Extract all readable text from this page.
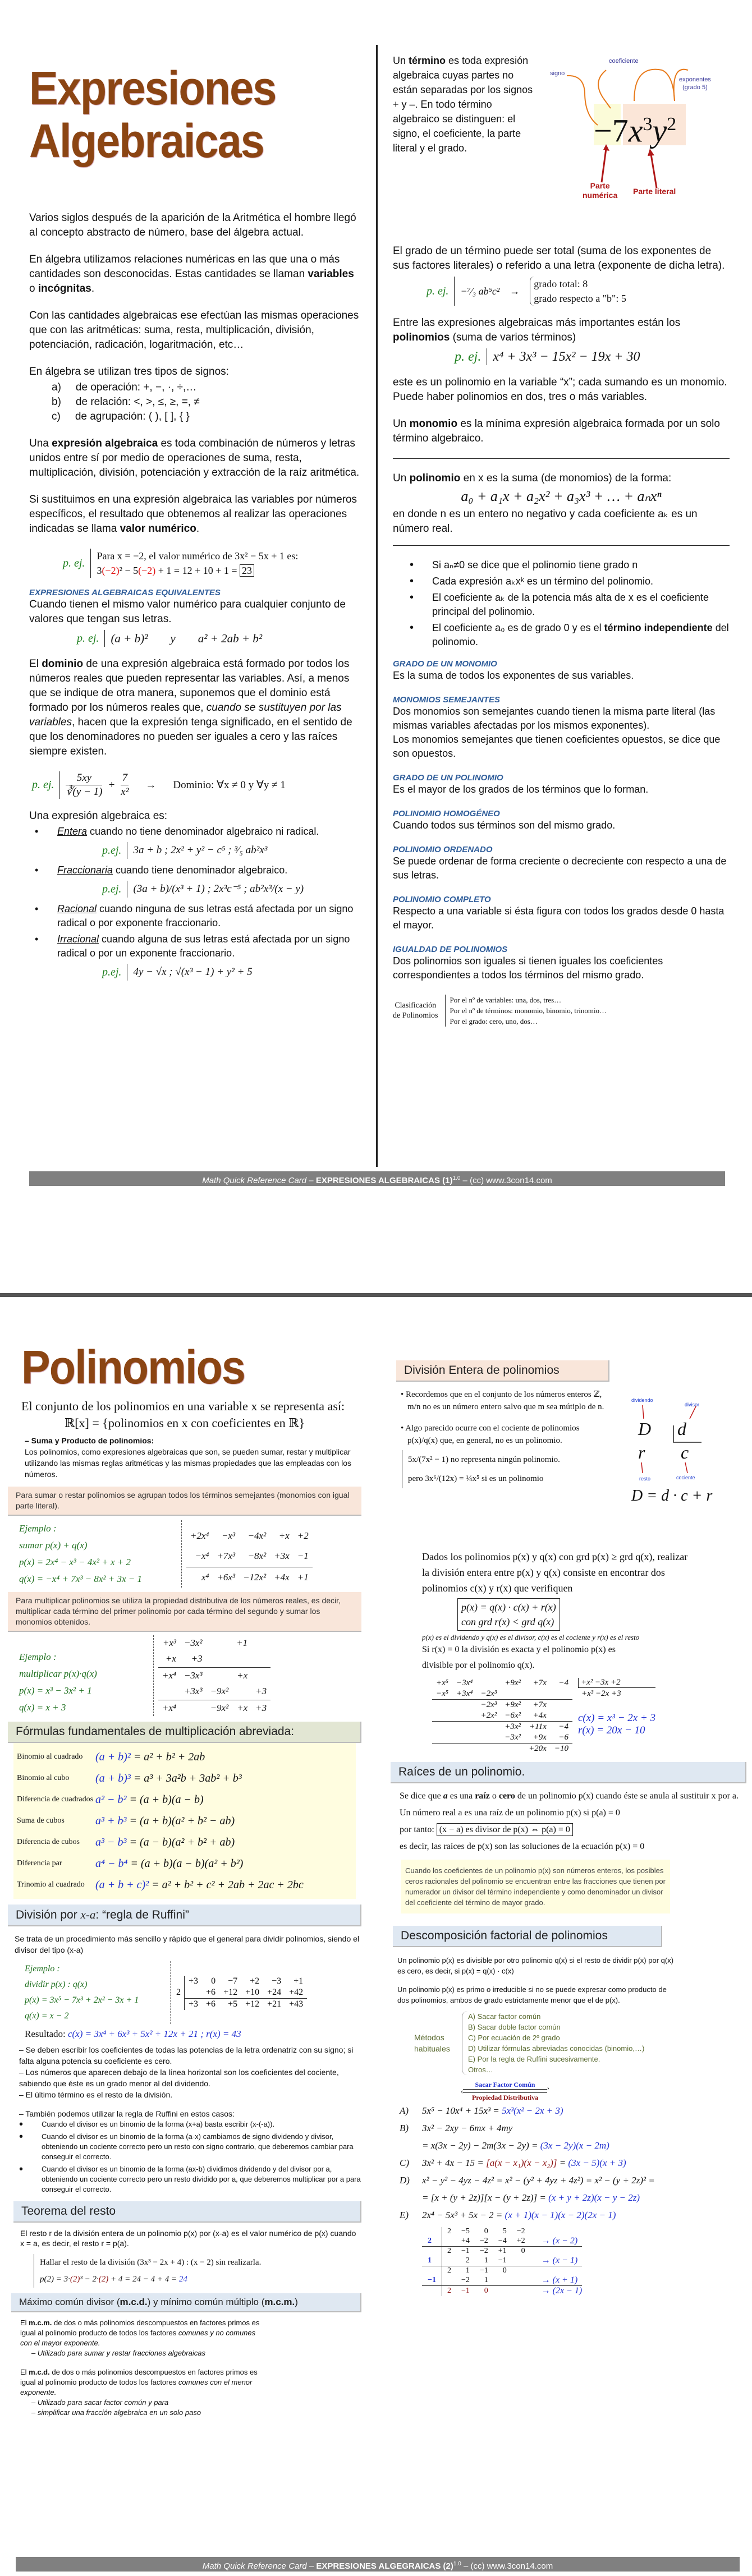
Expresiones
Algebraicas

Varios siglos después de la aparición de la Aritmética el hombre llegó al concepto abstracto de número, base del álgebra actual.

En álgebra utilizamos relaciones numéricas en las que una o más cantidades son desconocidas. Estas cantidades se llaman variables o incógnitas.

Con las cantidades algebraicas ese efectúan las mismas operaciones que con las aritméticas: suma, resta, multiplicación, división, potenciación, radicación, logaritmación, etc…

En álgebra se utilizan tres tipos de signos:

a) de operación: +, −, ·, ÷,…
b) de relación: <, >, ≤, ≥, =, ≠
c) de agrupación: ( ), [ ], { }

Una expresión algebraica es toda combinación de números y letras unidos entre sí por medio de operaciones de suma, resta, multiplicación, división, potenciación y extracción de la raíz aritmética.

Si sustituimos en una expresión algebraica las variables por números específicos, el resultado que obtenemos al realizar las operaciones indicadas se llama valor numérico.

p. ej.
Para x = −2, el valor numérico de 3x² − 5x + 1 es:
3(−2)² − 5(−2) + 1 = 12 + 10 + 1 = 23
EXPRESIONES ALGEBRAICAS EQUIVALENTES

Cuando tienen el mismo valor numérico para cualquier conjunto de valores que tengan sus letras.

p. ej. (a + b)² y a² + 2ab + b²

El dominio de una expresión algebraica está formado por todos los números reales que pueden representar las variables. Así, a menos que se indique de otra manera, suponemos que el dominio está formado por los números reales que, cuando se sustituyen por las variables, hacen que la expresión tenga significado, en el sentido de que los denominadores no pueden ser iguales a cero y las raíces siempre existen.

p. ej.
5xy
∛(y − 1)
+ $\frac{7}{\text{x²}}$ → Dominio: ∀x ≠ 0 y ∀y ≠ 1

Una expresión algebraica es:

• Entera cuando no tiene denominador algebraico ni radical.
p.ej.	3a + b ; 2x² + y² − c⁵ ; ³⁄₅ ab²x³
• Fraccionaria cuando tiene denominador algebraico.
p.ej.	(3a + b)/(x³ + 1) ; 2x³c⁻⁵ ; ab²x³/(x − y)
• Racional cuando ninguna de sus letras está afectada por un signo radical o por exponente fraccionario.
• Irracional cuando alguna de sus letras está afectada por un signo radical o por un exponente fraccionario.
p.ej.	4y − √x ; √(x³ − 1) + y² + 5

Un término es toda expresión algebraica cuyas partes no están separadas por los signos + y –. En todo término algebraico se distinguen: el signo, el coeficiente, la parte literal y el grado.

signo
coeficiente
exponentes
(grado 5)
$-7x^3y^2$
Parte
numérica Parte literal

El grado de un término puede ser total (suma de los exponentes de sus factores literales) o referido a una letra (exponente de dicha letra).

p. ej. −⁷⁄₃ ab⁵c² →
grado total: 8
grado respecto a "b": 5

Entre las expresiones algebraicas más importantes están los polinomios (suma de varios términos)

p. ej. x⁴ + 3x³ − 15x² − 19x + 30

este es un polinomio en la variable “x”; cada sumando es un monomio. Puede haber polinomios en dos, tres o más variables.

Un monomio es la mínima expresión algebraica formada por un solo término algebraico.

Un polinomio en x es la suma (de monomios) de la forma:

a₀ + a₁x + a₂x² + a₃x³ + … + aₙxⁿ

en donde n es un entero no negativo y cada coeficiente aₖ es un número real.

• Si aₙ≠0 se dice que el polinomio tiene grado n
• Cada expresión aₖxᵏ es un término del polinomio.
• El coeficiente aₖ de la potencia más alta de x es el coeficiente principal del polinomio.
• El coeficiente a₀ es de grado 0 y es el término independiente del polinomio.
GRADO DE UN MONOMIO
Es la suma de todos los exponentes de sus variables.
MONOMIOS SEMEJANTES
Dos monomios son semejantes cuando tienen la misma parte literal (las mismas variables afectadas por los mismos exponentes).
Los monomios semejantes que tienen coeficientes opuestos, se dice que son opuestos.
GRADO DE UN POLINOMIO
Es el mayor de los grados de los términos que lo forman.
POLINOMIO HOMOGÉNEO
Cuando todos sus términos son del mismo grado.
POLINOMIO ORDENADO
Se puede ordenar de forma creciente o decreciente con respecto a una de sus letras.
POLINOMIO COMPLETO
Respecto a una variable si ésta figura con todos los grados desde 0 hasta el mayor.
IGUALDAD DE POLINOMIOS
Dos polinomios son iguales si tienen iguales los coeficientes correspondientes a todos los términos del mismo grado.
Clasificación
de Polinomios
Por el nº de variables: una, dos, tres…
Por el nº de términos: monomio, binomio, trinomio…
Por el grado: cero, uno, dos…
Math Quick Reference Card – EXPRESIONES ALGEBRAICAS $(1)^{1.0} - (cc)$ www.3con14.com
Polinomios
El conjunto de los polinomios en una variable x se representa así:
ℝ[x] = {polinomios en x con coeficientes en ℝ}
– Suma y Producto de polinomios:
Los polinomios, como expresiones algebraicas que son, se pueden sumar, restar y multiplicar utilizando las mismas reglas aritméticas y las mismas propiedades que las empleadas con los números.
Para sumar o restar polinomios se agrupan todos los términos semejantes (monomios con igual parte literal).
Ejemplo :
sumar p(x) + q(x)
p(x) = 2x⁴ − x³ − 4x² + x + 2
q(x) = −x⁴ + 7x³ − 8x² + 3x − 1
+2x⁴	−x³	−4x²	+x	+2
−x⁴	+7x³	−8x²	+3x	−1
x⁴	+6x³	−12x²	+4x	+1
Para multiplicar polinomios se utiliza la propiedad distributiva de los números reales, es decir, multiplicar cada término del primer polinomio por cada término del segundo y sumar los monomios obtenidos.
Ejemplo :
multiplicar p(x)·q(x)
p(x) = x³ − 3x² + 1
q(x) = x + 3
+x³	−3x²		+1	
+x	+3			
+x⁴	−3x³		+x	
	+3x³	−9x²		+3
+x⁴		−9x²	+x	+3
Fórmulas fundamentales de multiplicación abreviada:
Binomio al cuadrado	(a + b)² = a² + b² + 2ab
Binomio al cubo	(a + b)³ = a³ + 3a²b + 3ab² + b³
Diferencia de cuadrados a² − b² = (a + b)(a − b)
Suma de cubos	a³ + b³ = (a + b)(a² + b² − ab)
Diferencia de cubos	a³ − b³ = (a − b)(a² + b² + ab)
Diferencia par	a⁴ − b⁴ = (a + b)(a − b)(a² + b²)
Trinomio al cuadrado (a + b + c)² = a² + b² + c² + 2ab + 2ac + 2bc
División por x-a: “regla de Ruffini”
Se trata de un procedimiento más sencillo y rápido que el general para dividir polinomios, siendo el divisor del tipo (x-a)
Ejemplo :
dividir p(x) : q(x)
p(x) = 3x⁵ − 7x³ + 2x² − 3x + 1
q(x) = x − 2
2
+3	0	−7	+2	−3	+1
	+6	+12	+10	+24	+42
+3	+6	+5	+12	+21	+43
Resultado: c(x) = 3x⁴ + 6x³ + 5x² + 12x + 21 ; r(x) = 43
– Se deben escribir los coeficientes de todas las potencias de la letra ordenatriz con su signo; si falta alguna potencia su coeficiente es cero.
– Los números que aparecen debajo de la línea horizontal son los coeficientes del cociente, sabiendo que éste es un grado menor al del dividendo.
– El último término es el resto de la división.
– También podemos utilizar la regla de Ruffini en estos casos:
• Cuando el divisor es un binomio de la forma (x+a) basta escribir (x-(-a)).
• Cuando el divisor es un binomio de la forma (a-x) cambiamos de signo dividendo y divisor, obteniendo un cociente correcto pero un resto con signo contrario, que deberemos cambiar para conseguir el correcto.
• Cuando el divisor es un binomio de la forma (ax-b) dividimos dividendo y del divisor por a, obteniendo un cociente correcto pero un resto dividido por a, que deberemos multiplicar por a para conseguir el correcto.
Teorema del resto
El resto r de la división entera de un polinomio p(x) por (x-a) es el valor numérico de p(x) cuando x = a, es decir, el resto r = p(a).
Hallar el resto de la división (3x³ − 2x + 4) : (x − 2) sin realizarla.
p(2) = 3·(2)³ − 2·(2) + 4 = 24 − 4 + 4 = 24
Máximo común divisor (m.c.d.) y mínimo común múltiplo (m.c.m.)
El m.c.m. de dos o más polinomios descompuestos en factores primos es igual al polinomio producto de todos los factores comunes y no comunes con el mayor exponente.
– Utilizado para sumar y restar fracciones algebraicas
El m.c.d. de dos o más polinomios descompuestos en factores primos es igual al polinomio producto de todos los factores comunes con el menor exponente.
– Utilizado para sacar factor común y para
– simplificar una fracción algebraica en un solo paso
División Entera de polinomios
• Recordemos que en el conjunto de los números enteros ℤ,
m/n no es un número entero salvo que m sea mútiplo de n.
• Algo parecido ocurre con el cociente de polinomios
p(x)/q(x) que, en general, no es un polinomio.
5x/(7x² − 1) no representa ningún polinomio.
pero 3x⁶/(12x) = ¼x⁵ si es un polinomio
dividendo
divisor
D d
r c
resto	cociente
D = d · c + r
Dados los polinomios p(x) y q(x) con grd p(x) ≥ grd q(x), realizar la división entera entre p(x) y q(x) consiste en encontrar dos polinomios c(x) y r(x) que verifiquen
p(x) = q(x) · c(x) + r(x)
con grd r(x) < grd q(x)
p(x) es el dividendo y q(x) es el divisor, c(x) es el cociente y r(x) es el resto
Si r(x) = 0 la división es exacta y el polinomio p(x) es divisible por el polinomio q(x).
+x⁵	−3x⁴		+9x²	+7x	−4
−x⁵	+3x⁴	−2x³			
		−2x³	+9x²	+7x	
		+2x²	−6x²	+4x	
			+3x²	+11x	−4
			−3x²	+9x	−6
				+20x	−10
+x² −3x +2
+x³ −2x +3
c(x) = x³ − 2x + 3
r(x) = 20x − 10
Raíces de un polinomio.
Se dice que a es una raíz o cero de un polinomio p(x) cuando éste se anula al sustituir x por a.
Un número real a es una raíz de un polinomio p(x) si p(a) = 0
por tanto: (x − a) es divisor de p(x) ⇔ p(a) = 0
es decir, las raíces de p(x) son las soluciones de la ecuación p(x) = 0
Cuando los coeficientes de un polinomio p(x) son números enteros, los posibles ceros racionales del polinomio se encuentran entre las fracciones que tienen por numerador un divisor del término independiente y como denominador un divisor del coeficiente del término de mayor grado.
Descomposición factorial de polinomios
Un polinomio p(x) es divisible por otro polinomio q(x) si el resto de dividir p(x) por q(x) es cero, es decir, si p(x) = q(x) · c(x)
Un polinomio p(x) es primo o irreducible si no se puede expresar como producto de dos polinomios, ambos de grado estrictamente menor que el de p(x).
Métodos
habituales
A) Sacar factor común
B) Sacar doble factor común
C) Por ecuación de 2º grado
D) Utilizar fórmulas abreviadas conocidas (binomio,…)
E) Por la regla de Ruffini sucesivamente.
Otros…
Sacar Factor Común	›
‹
Propiedad Distributiva
A)	5x⁵ − 10x⁴ + 15x³ = 5x³(x² − 2x + 3)
B)	3x² − 2xy − 6mx + 4my
= x(3x − 2y) − 2m(3x − 2y) = (3x − 2y)(x − 2m)
C)	3x² + 4x − 15 = [a(x − x₁)(x − x₂)] = (3x − 5)(x + 3)
D)	x² − y² − 4yz − 4z² = x² − (y² + 4yz + 4z²) = x² − (y + 2z)² =
= [x + (y + 2z)][x − (y + 2z)] = (x + y + 2z)(x − y − 2z)
E)	2x⁴ − 5x³ + 5x − 2 = (x + 1)(x − 1)(x − 2)(2x − 1)
	2	−5	0	5	−2	
2		+4	−2	−4	+2	→ (x − 2)
	2	−1	−2	+1	0	
1		2	1	−1		→ (x − 1)
	2	1	−1	0		
−1		−2	1			→ (x + 1)
	2	−1	0			→ (2x − 1)
Math Quick Reference Card – EXPRESIONES ALGEGRAICAS $(2)^{1.0} - (cc)$ www.3con14.com
